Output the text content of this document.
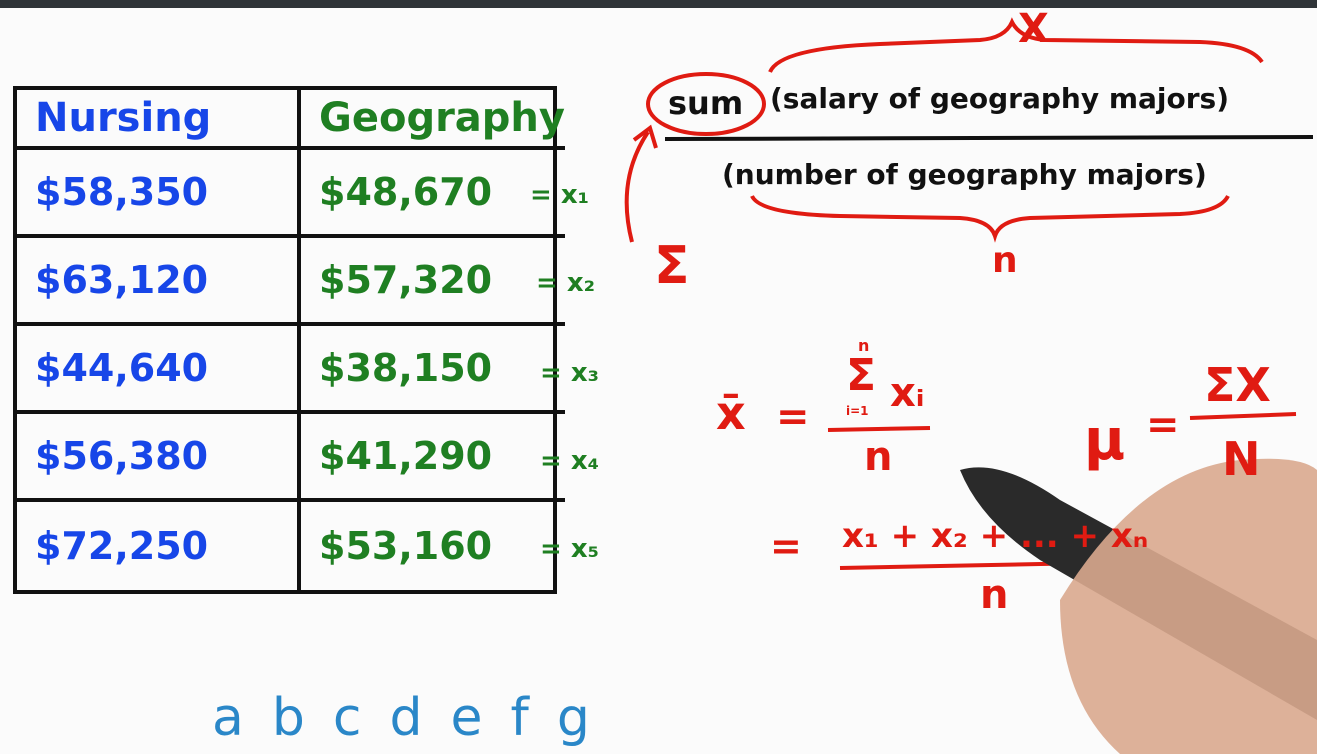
Nursing	Geography
$58,350	$48,670
$63,120	$57,320
$44,640	$38,150
$56,380	$41,290
$72,250	$53,160
= x₁
= x₂
= x₃
= x₄
= x₅
X
sum (salary of geography majors)
(number of geography majors)
n
Σ
x̄ =
n
Σ
i=1 xᵢ
n	μ =
ΣX
N
= x₁ + x₂ + ... + xₙ
n
a b c d e f g
